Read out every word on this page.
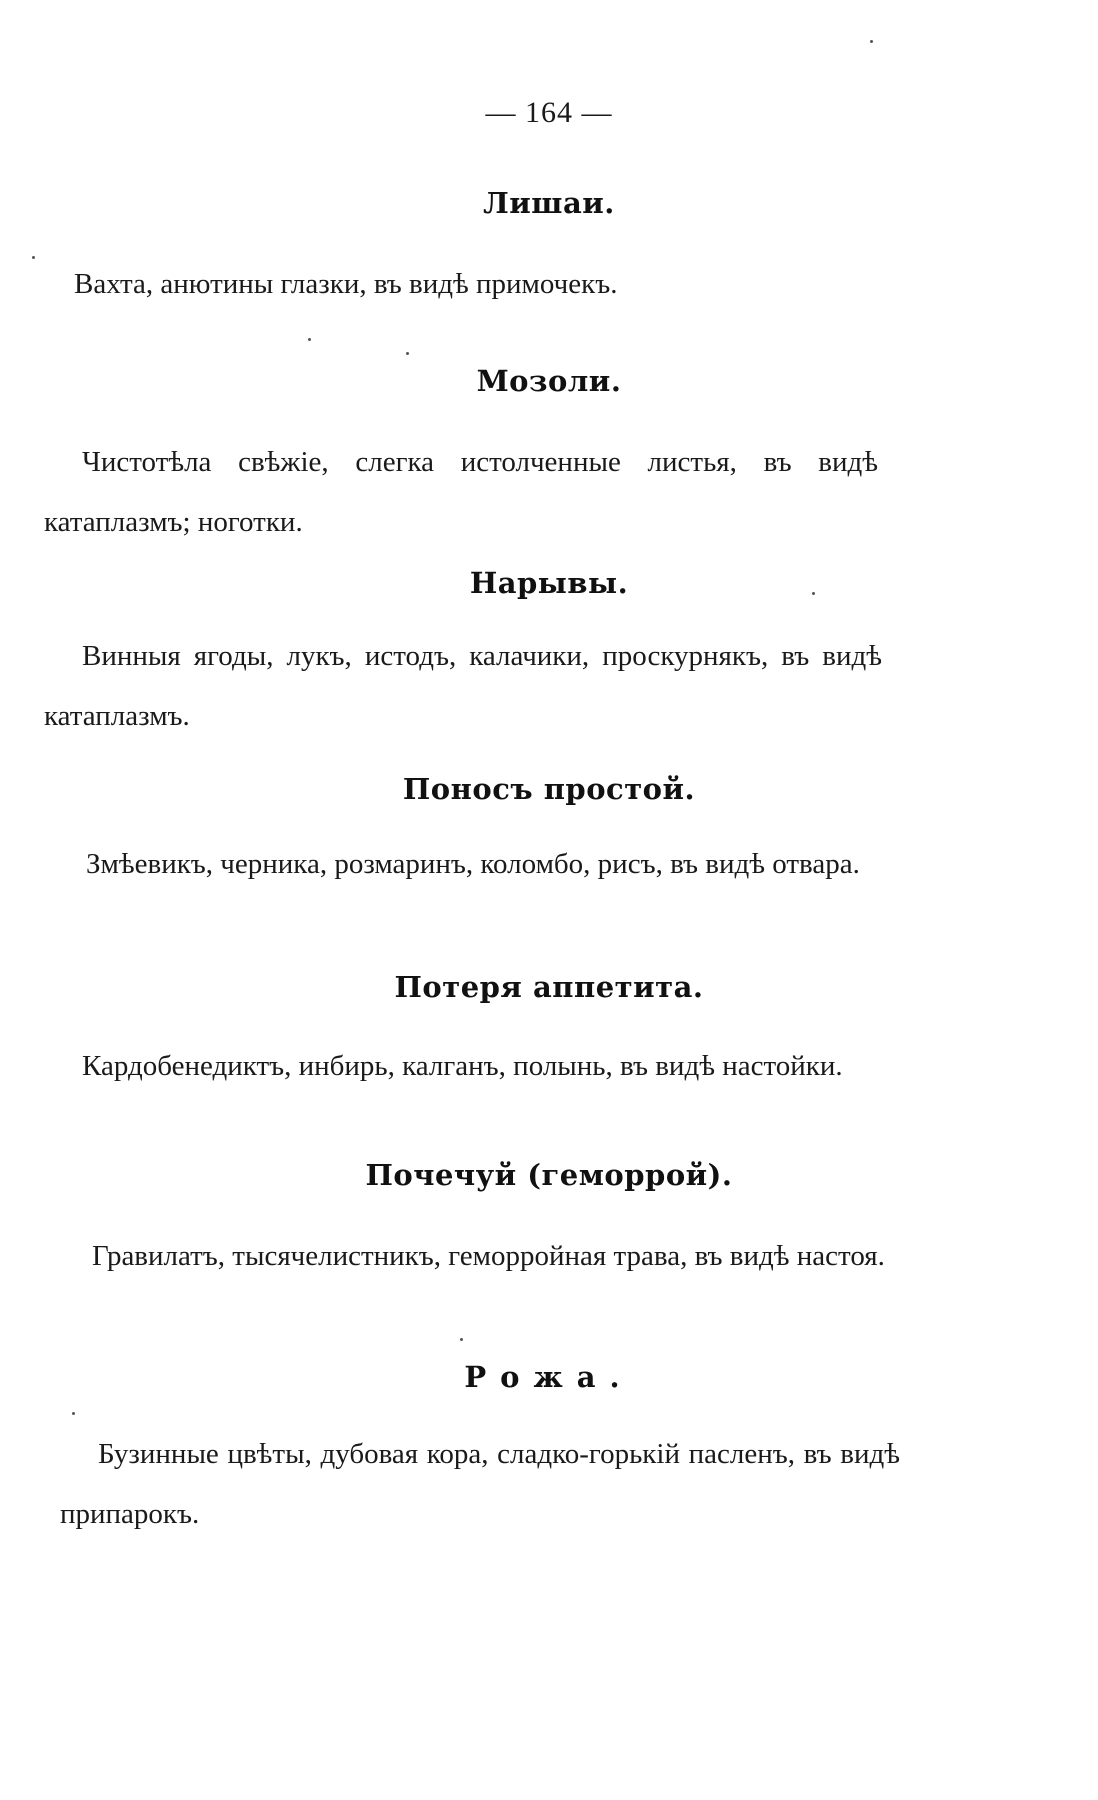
— 164 —
Лишаи.
Вахта, анютины глазки, въ видѣ примочекъ.
Мозоли.
Чистотѣла свѣжіе, слегка истолченные листья, въ видѣ катаплазмъ; ноготки.
Нарывы.
Винныя ягоды, лукъ, истодъ, калачики, проскурнякъ, въ видѣ катаплазмъ.
Поносъ простой.
Змѣевикъ, черника, розмаринъ, коломбо, рисъ, въ видѣ отвара.
Потеря аппетита.
Кардобенедиктъ, инбирь, калганъ, полынь, въ видѣ настойки.
Почечуй (геморрой).
Гравилатъ, тысячелистникъ, геморройная трава, въ видѣ настоя.
Рожа.
Бузинные цвѣты, дубовая кора, сладко-горькій пасленъ, въ видѣ припарокъ.
